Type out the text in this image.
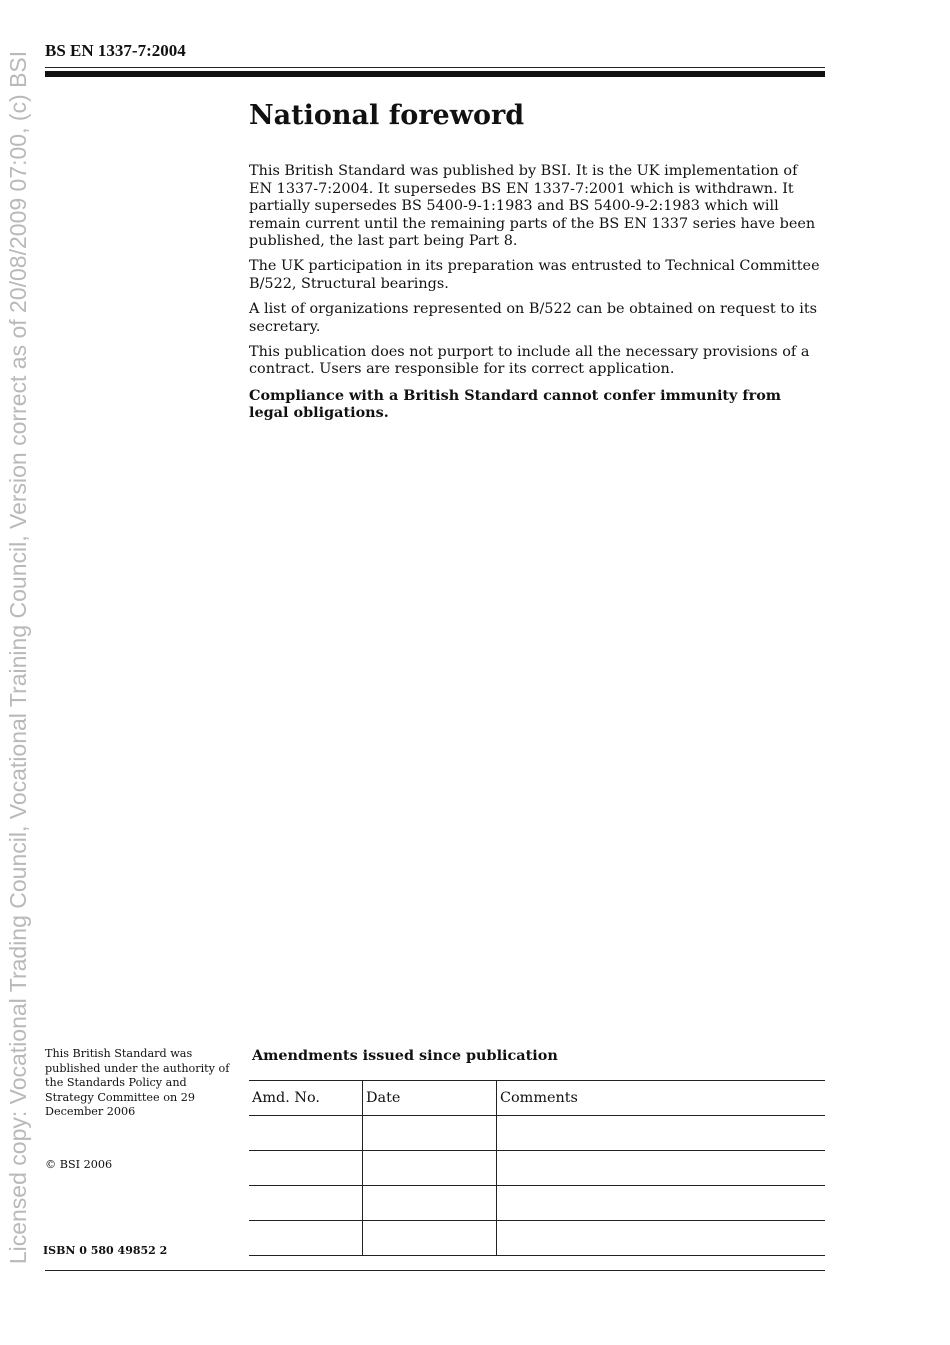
Licensed copy: Vocational Trading Council, Vocational Training Council, Version correct as of 20/08/2009 07:00, (c) BSI
BS EN 1337-7:2004
National foreword

This British Standard was published by BSI. It is the UK implementation of EN 1337-7:2004. It supersedes BS EN 1337-7:2001 which is withdrawn. It partially supersedes BS 5400-9-1:1983 and BS 5400-9-2:1983 which will remain current until the remaining parts of the BS EN 1337 series have been published, the last part being Part 8.

The UK participation in its preparation was entrusted to Technical Committee B/522, Structural bearings.

A list of organizations represented on B/522 can be obtained on request to its secretary.

This publication does not purport to include all the necessary provisions of a contract. Users are responsible for its correct application.

Compliance with a British Standard cannot confer immunity from legal obligations.

This British Standard was published under the authority of the Standards Policy and Strategy Committee on 29 December 2006
© BSI 2006
ISBN 0 580 49852 2
Amendments issued since publication
Amd. No.	Date	Comments
